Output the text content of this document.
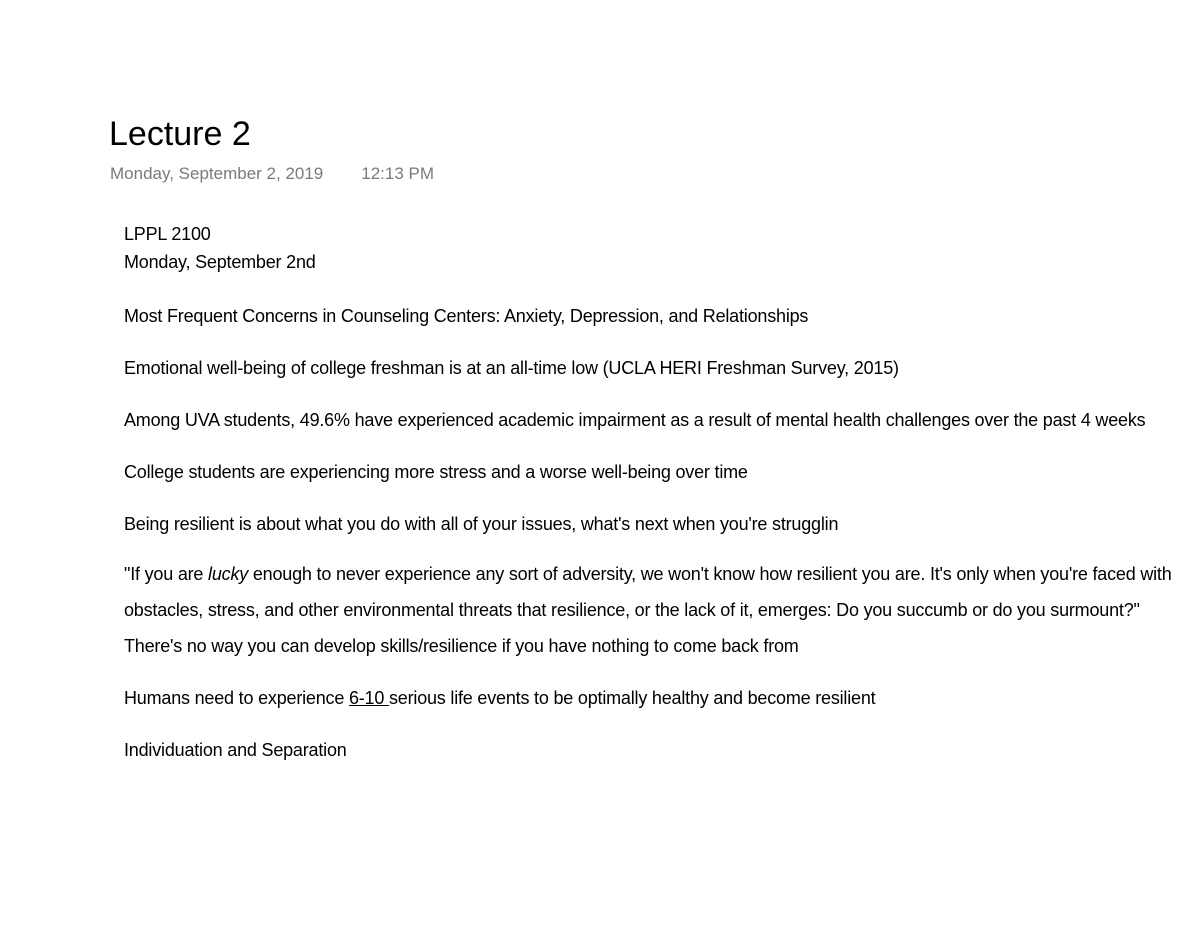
Lecture 2
Monday, September 2, 2019 12:13 PM

LPPL 2100

Monday, September 2nd

Most Frequent Concerns in Counseling Centers: Anxiety, Depression, and Relationships

Emotional well-being of college freshman is at an all-time low (UCLA HERI Freshman Survey, 2015)

Among UVA students, 49.6% have experienced academic impairment as a result of mental health challenges over the past 4 weeks

College students are experiencing more stress and a worse well-being over time

Being resilient is about what you do with all of your issues, what's next when you're strugglin

"If you are lucky enough to never experience any sort of adversity, we won't know how resilient you are. It's only when you're faced with obstacles, stress, and other environmental threats that resilience, or the lack of it, emerges: Do you succumb or do you surmount?" There's no way you can develop skills/resilience if you have nothing to come back from

Humans need to experience 6-10 serious life events to be optimally healthy and become resilient

Individuation and Separation
